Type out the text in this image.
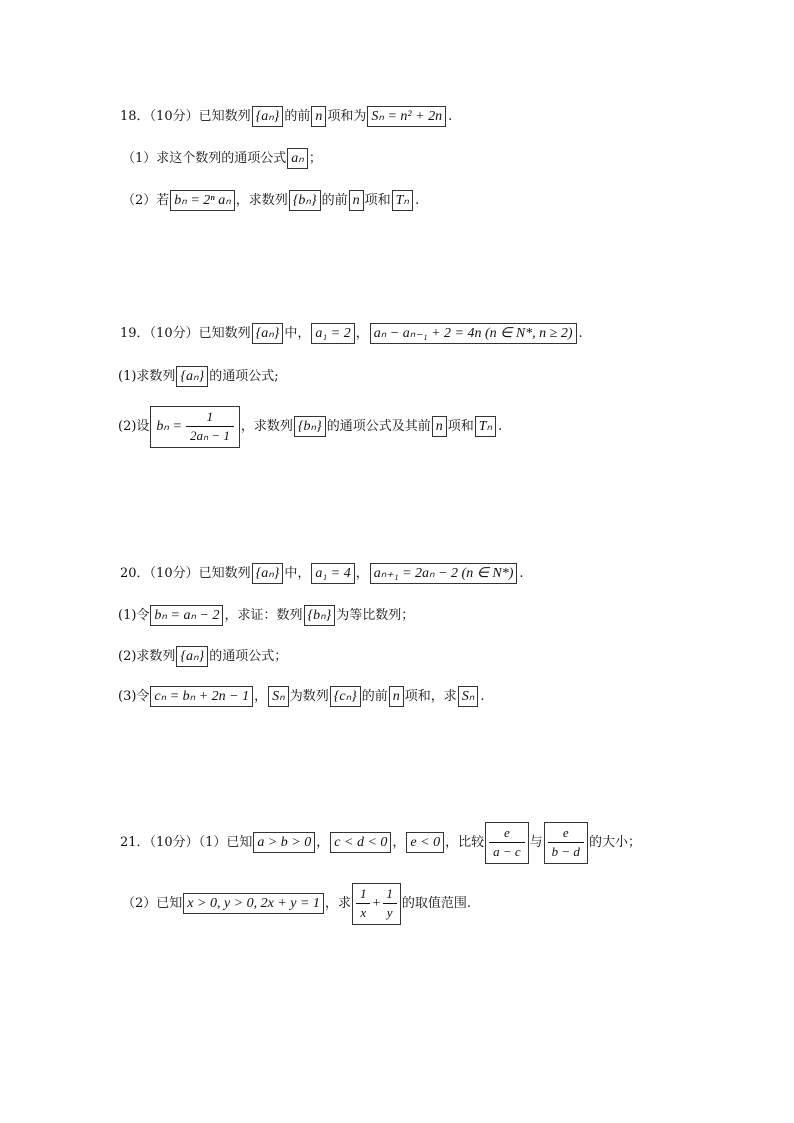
18．（10分）已知数列 {aₙ} 的前 n 项和为 Sₙ = n² + 2n .
（1）求这个数列的通项公式 aₙ ；
（2）若 bₙ = 2ⁿ aₙ ，求数列 {bₙ} 的前 n 项和 Tₙ .
19．（10分）已知数列 {aₙ} 中， a₁ = 2 ， aₙ − aₙ₋₁ + 2 = 4n (n ∈ N*, n ≥ 2) .
(1)求数列 {aₙ} 的通项公式;
(2)设 $b_n = \frac{1}{\text{2aₙ − 1}}$ ，求数列 {bₙ} 的通项公式及其前 n 项和 Tₙ .
20．（10分）已知数列 {aₙ} 中， a₁ = 4 ， aₙ₊₁ = 2aₙ − 2 (n ∈ N*) .
(1)令 bₙ = aₙ − 2 ，求证：数列 {bₙ} 为等比数列；
(2)求数列 {aₙ} 的通项公式；
(3)令 cₙ = bₙ + 2n − 1 ， Sₙ 为数列 {cₙ} 的前 n 项和，求 Sₙ .
21．（10分）（1）已知 a > b > 0 ， c < d < 0 ， e < 0 ，比较 $\frac{e}{a - c}$ 与 $\frac{e}{b - d}$ 的大小；
（2）已知 x > 0, y > 0, 2x + y = 1 ，求 $\frac{1}{x} + \frac{1}{y}$ 的取值范围.
